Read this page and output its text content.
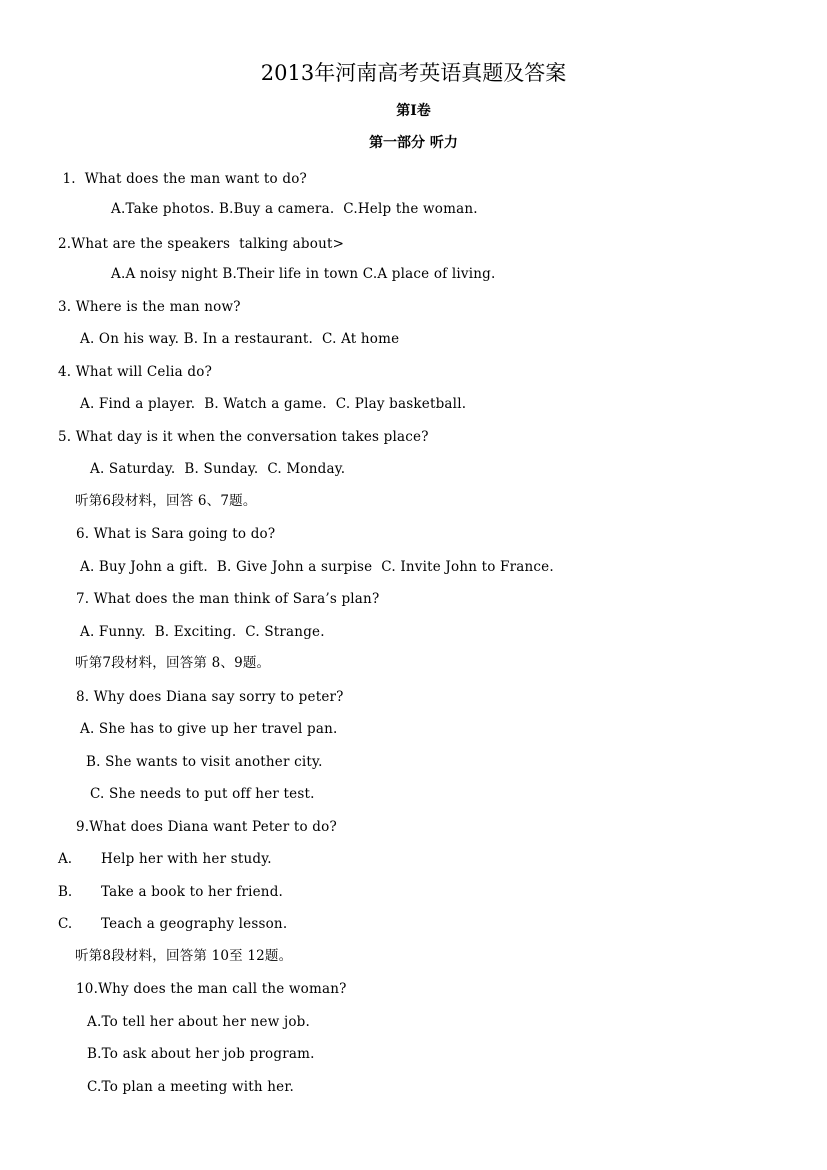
2013年河南高考英语真题及答案
第I卷
第一部分 听力
1.  What does the man want to do?
A.Take photos. B.Buy a camera.  C.Help the woman.
2.What are the speakers  talking about>
A.A noisy night B.Their life in town C.A place of living.
3. Where is the man now?
A. On his way. B. In a restaurant.  C. At home
4. What will Celia do?
A. Find a player.  B. Watch a game.  C. Play basketball.
5. What day is it when the conversation takes place?
A. Saturday.  B. Sunday.  C. Monday.
听第6段材料，回答 6、7题。
6. What is Sara going to do?
A. Buy John a gift.  B. Give John a surpise  C. Invite John to France.
7. What does the man think of Sara’s plan?
A. Funny.  B. Exciting.  C. Strange.
听第7段材料，回答第 8、9题。
8. Why does Diana say sorry to peter?
A. She has to give up her travel pan.
B. She wants to visit another city.
C. She needs to put off her test.
9.What does Diana want Peter to do?
A. Help her with her study.
B. Take a book to her friend.
C. Teach a geography lesson.
听第8段材料，回答第 10至 12题。
10.Why does the man call the woman?
A.To tell her about her new job.
B.To ask about her job program.
C.To plan a meeting with her.
